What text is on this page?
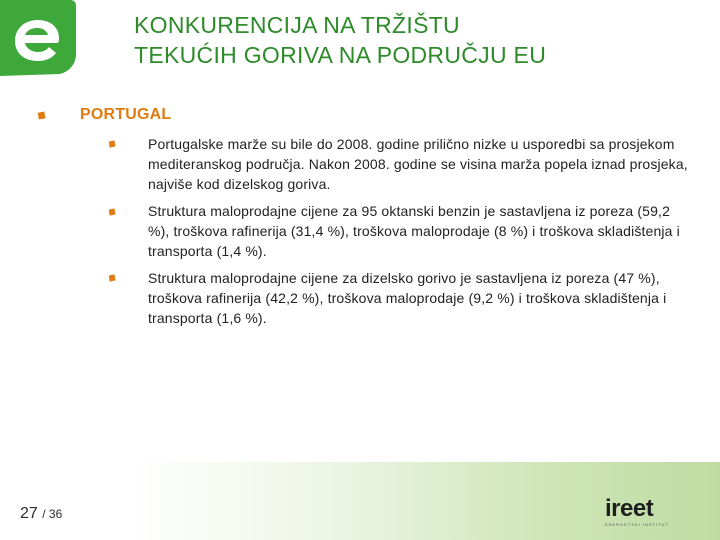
KONKURENCIJA NA TRŽIŠTU
TEKUĆIH GORIVA NA PODRUČJU EU
PORTUGAL
Portugalske marže su bile do 2008. godine prilično nizke u usporedbi sa prosjekom mediteranskog područja. Nakon 2008. godine se visina marža popela iznad prosjeka, najviše kod dizelskog goriva.
Struktura maloprodajne cijene za 95 oktanski benzin je sastavljena iz poreza (59,2 %), troškova rafinerija (31,4 %), troškova maloprodaje (8 %) i troškova skladištenja i transporta (1,4 %).
Struktura maloprodajne cijene za dizelsko gorivo je sastavljena iz poreza (47 %), troškova rafinerija (42,2 %), troškova maloprodaje (9,2 %) i troškova skladištenja i transporta (1,6 %).
27 / 36	ireet
ENERGETSKI INSTITUT
